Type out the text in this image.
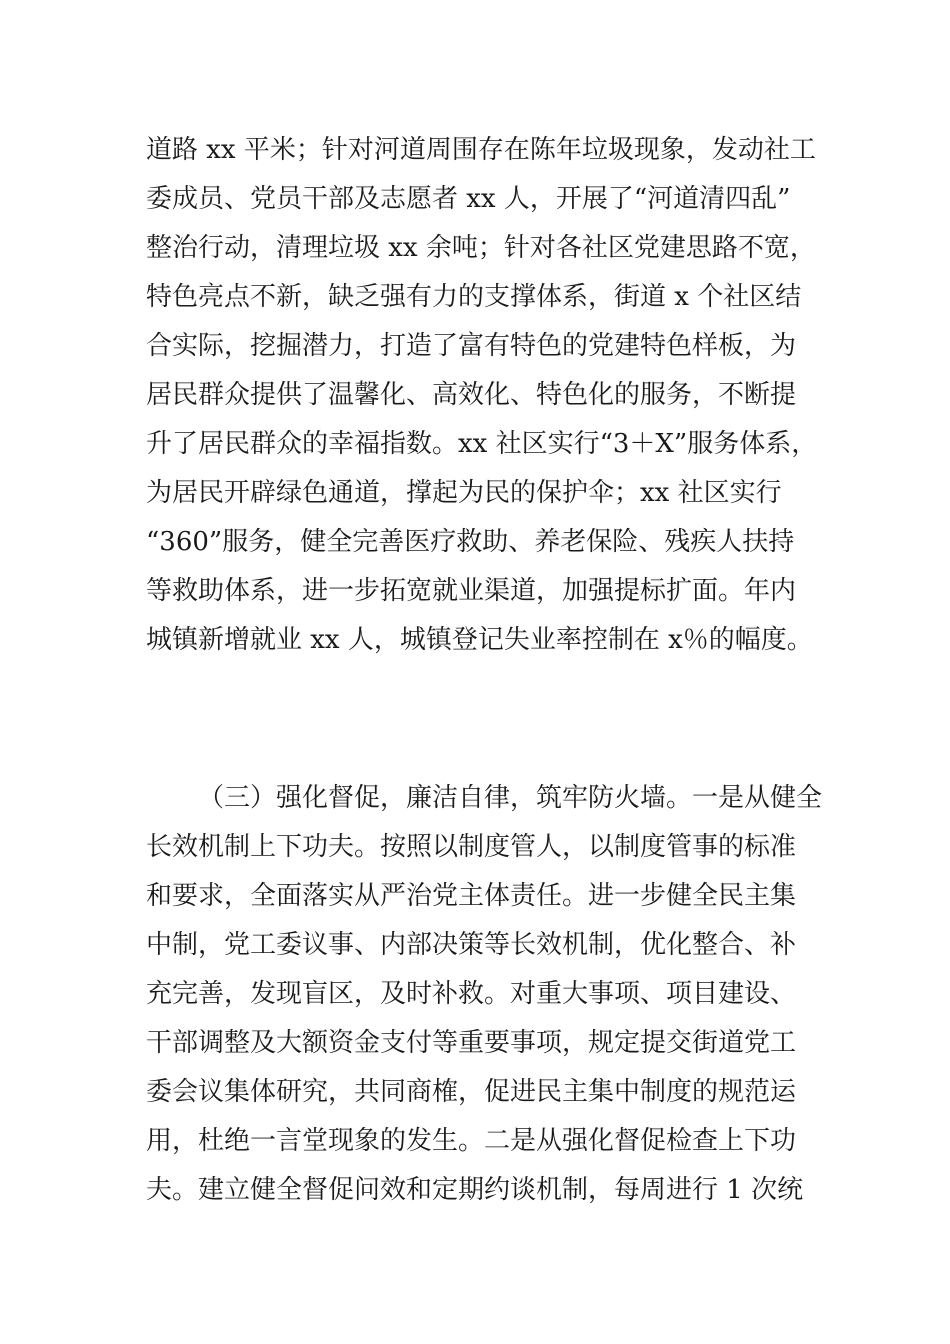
道路 xx 平米；针对河道周围存在陈年垃圾现象，发动社工
委成员、党员干部及志愿者 xx 人，开展了“河道清四乱”
整治行动，清理垃圾 xx 余吨；针对各社区党建思路不宽，
特色亮点不新，缺乏强有力的支撑体系，街道 x 个社区结
合实际，挖掘潜力，打造了富有特色的党建特色样板，为
居民群众提供了温馨化、高效化、特色化的服务，不断提
升了居民群众的幸福指数。xx 社区实行“3＋X”服务体系，
为居民开辟绿色通道，撑起为民的保护伞；xx 社区实行
“360”服务，健全完善医疗救助、养老保险、残疾人扶持
等救助体系，进一步拓宽就业渠道，加强提标扩面。年内
城镇新增就业 xx 人，城镇登记失业率控制在 x％的幅度。
（三）强化督促，廉洁自律，筑牢防火墙。一是从健全
长效机制上下功夫。按照以制度管人，以制度管事的标准
和要求，全面落实从严治党主体责任。进一步健全民主集
中制，党工委议事、内部决策等长效机制，优化整合、补
充完善，发现盲区，及时补救。对重大事项、项目建设、
干部调整及大额资金支付等重要事项，规定提交街道党工
委会议集体研究，共同商榷，促进民主集中制度的规范运
用，杜绝一言堂现象的发生。二是从强化督促检查上下功
夫。建立健全督促问效和定期约谈机制，每周进行 1 次统
